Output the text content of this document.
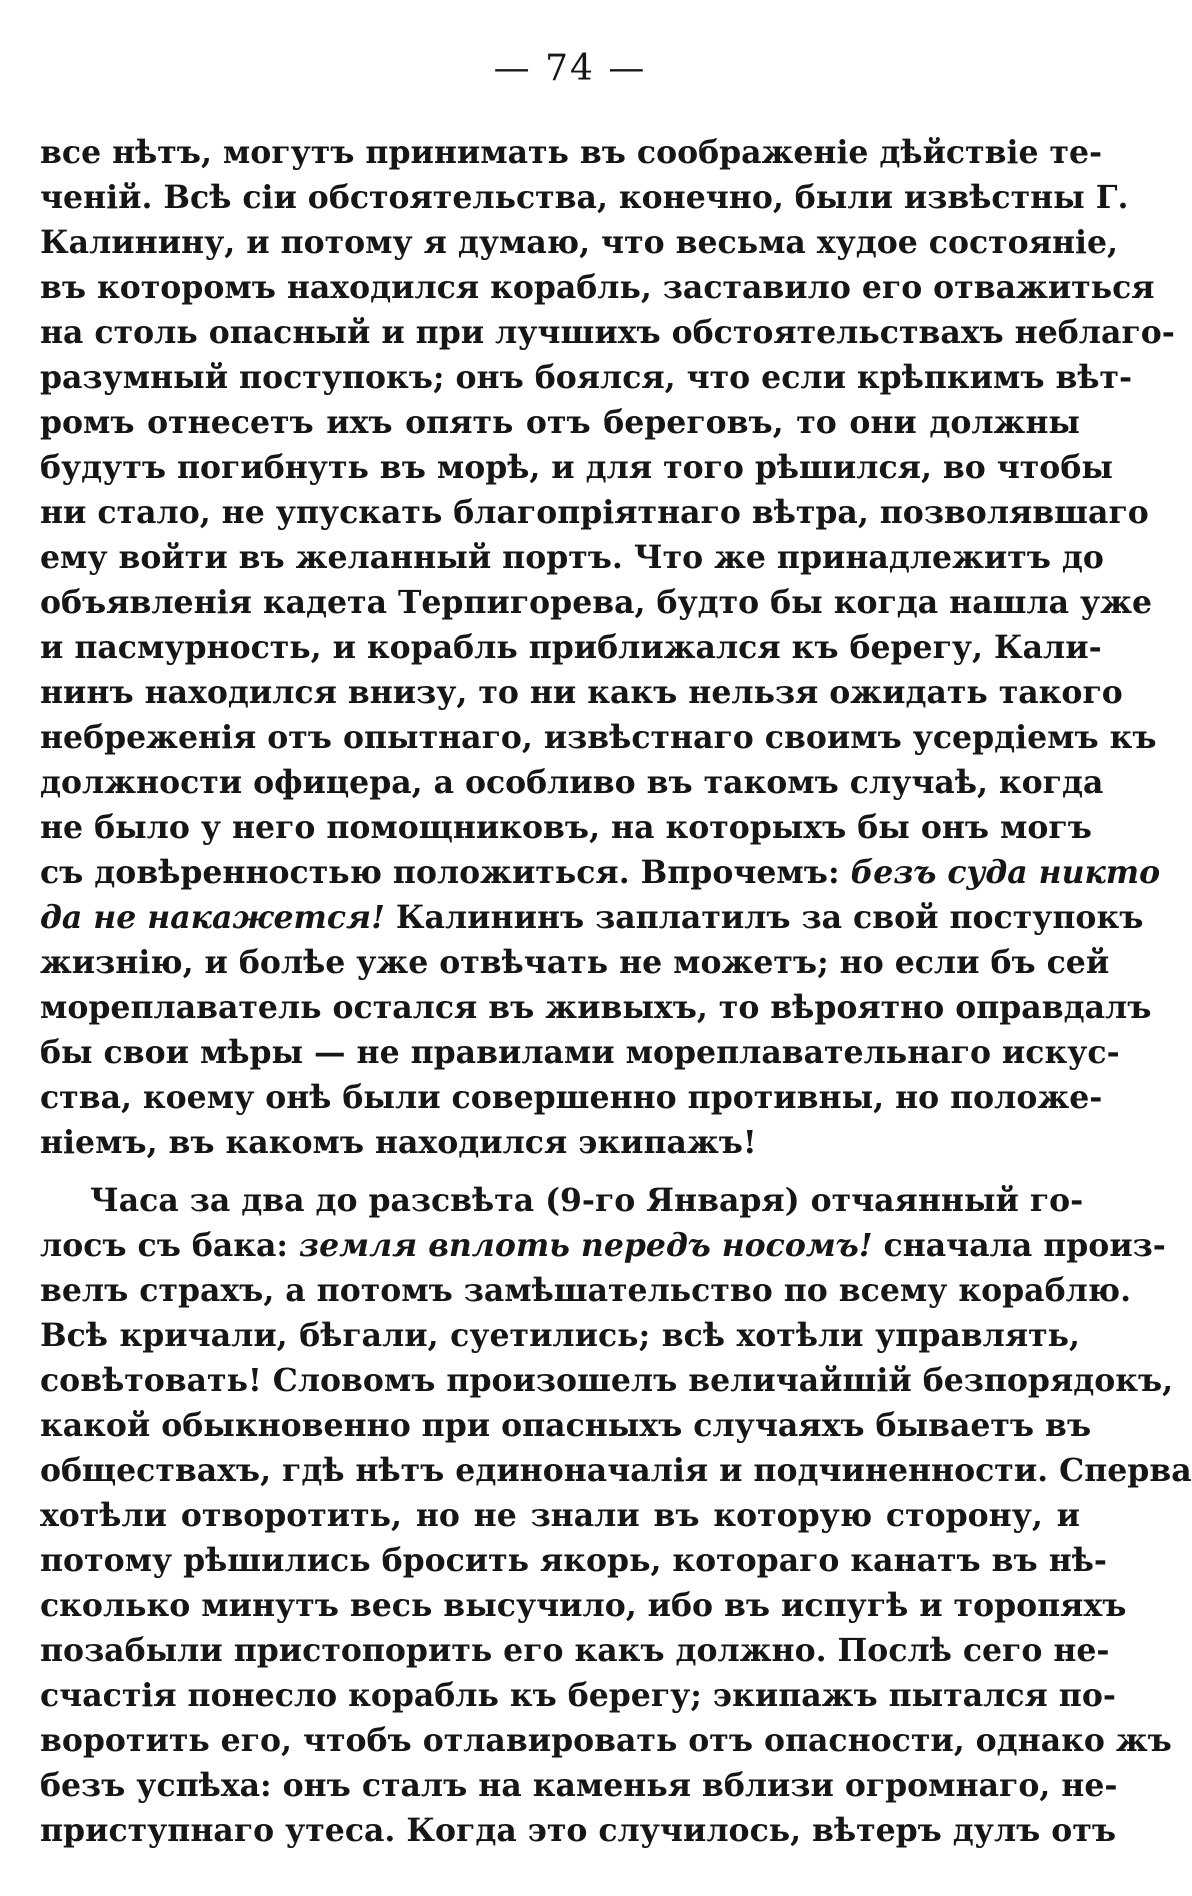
— 74 —
все нѣтъ, могутъ принимать въ соображенiе дѣйствiе те-
ченiй. Всѣ сiи обстоятельства, конечно, были извѣстны Г.
Калинину, и потому я думаю, что весьма худое состоянiе,
въ которомъ находился корабль, заставило его отважиться
на столь опасный и при лучшихъ обстоятельствахъ неблаго-
разумный поступокъ; онъ боялся, что если крѣпкимъ вѣт-
ромъ отнесетъ ихъ опять отъ береговъ, то они должны
будутъ погибнуть въ морѣ, и для того рѣшился, во чтобы
ни стало, не упускать благопрiятнаго вѣтра, позволявшаго
ему войти въ желанный портъ. Что же принадлежитъ до
объявленiя кадета Терпигорева, будто бы когда нашла уже
и пасмурность, и корабль приближался къ берегу, Кали-
нинъ находился внизу, то ни какъ нельзя ожидать такого
небреженiя отъ опытнаго, извѣстнаго своимъ усердiемъ къ
должности офицера, а особливо въ такомъ случаѣ, когда
не было у него помощниковъ, на которыхъ бы онъ могъ
съ довѣренностью положиться. Впрочемъ: безъ суда никто
да не накажется! Калининъ заплатилъ за свой поступокъ
жизнiю, и болѣе уже отвѣчать не можетъ; но если бъ сей
мореплаватель остался въ живыхъ, то вѣроятно оправдалъ
бы свои мѣры — не правилами мореплавательнаго искус-
ства, коему онѣ были совершенно противны, но положе-
нiемъ, въ какомъ находился экипажъ!
Часа за два до разсвѣта (9-го Января) отчаянный го-
лосъ съ бака: земля вплоть передъ носомъ! сначала произ-
велъ страхъ, а потомъ замѣшательство по всему кораблю.
Всѣ кричали, бѣгали, суетились; всѣ хотѣли управлять,
совѣтовать! Словомъ произошелъ величайшiй безпорядокъ,
какой обыкновенно при опасныхъ случаяхъ бываетъ въ
обществахъ, гдѣ нѣтъ единоначалiя и подчиненности. Сперва
хотѣли отворотить, но не знали въ которую сторону, и
потому рѣшились бросить якорь, котораго канатъ въ нѣ-
сколько минутъ весь высучило, ибо въ испугѣ и торопяхъ
позабыли пристопорить его какъ должно. Послѣ сего не-
счастiя понесло корабль къ берегу; экипажъ пытался по-
воротить его, чтобъ отлавировать отъ опасности, однако жъ
безъ успѣха: онъ сталъ на каменья вблизи огромнаго, не-
приступнаго утеса. Когда это случилось, вѣтеръ дулъ отъ
